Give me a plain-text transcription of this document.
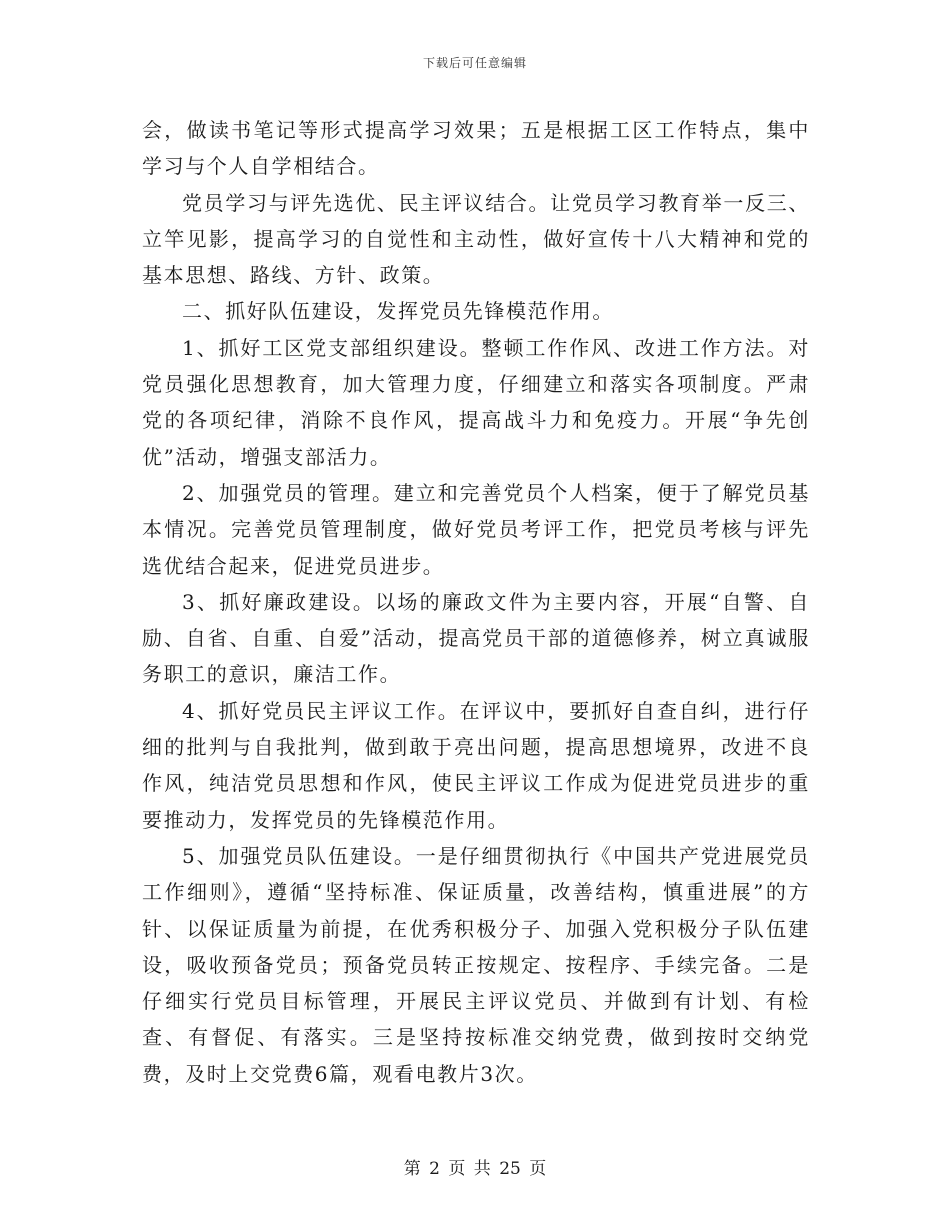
下载后可任意编辑

会，做读书笔记等形式提高学习效果；五是根据工区工作特点，集中学习与个人自学相结合。

党员学习与评先选优、民主评议结合。让党员学习教育举一反三、立竿见影，提高学习的自觉性和主动性，做好宣传十八大精神和党的基本思想、路线、方针、政策。

二、抓好队伍建设，发挥党员先锋模范作用。

1、抓好工区党支部组织建设。整顿工作作风、改进工作方法。对党员强化思想教育，加大管理力度，仔细建立和落实各项制度。严肃党的各项纪律，消除不良作风，提高战斗力和免疫力。开展“争先创优”活动，增强支部活力。

2、加强党员的管理。建立和完善党员个人档案，便于了解党员基本情况。完善党员管理制度，做好党员考评工作，把党员考核与评先选优结合起来，促进党员进步。

3、抓好廉政建设。以场的廉政文件为主要内容，开展“自警、自励、自省、自重、自爱”活动，提高党员干部的道德修养，树立真诚服务职工的意识，廉洁工作。

4、抓好党员民主评议工作。在评议中，要抓好自查自纠，进行仔细的批判与自我批判，做到敢于亮出问题，提高思想境界，改进不良作风，纯洁党员思想和作风，使民主评议工作成为促进党员进步的重要推动力，发挥党员的先锋模范作用。

5、加强党员队伍建设。一是仔细贯彻执行《中国共产党进展党员工作细则》，遵循“坚持标准、保证质量，改善结构，慎重进展”的方针、以保证质量为前提，在优秀积极分子、加强入党积极分子队伍建设，吸收预备党员；预备党员转正按规定、按程序、手续完备。二是仔细实行党员目标管理，开展民主评议党员、并做到有计划、有检查、有督促、有落实。三是坚持按标准交纳党费，做到按时交纳党费，及时上交党费6篇，观看电教片3次。

第 2 页 共 25 页
